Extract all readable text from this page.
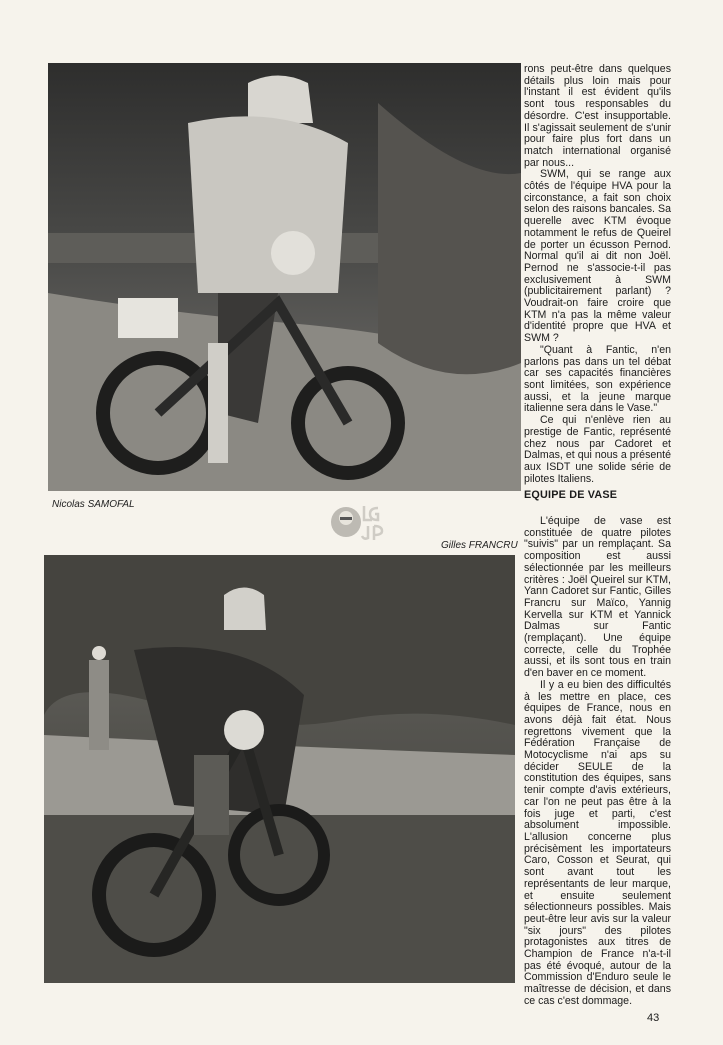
Nicolas SAMOFAL
Gilles FRANCRU

rons peut-être dans quelques détails plus loin mais pour l'instant il est évident qu'ils sont tous responsables du désordre. C'est insupportable. Il s'agissait seulement de s'unir pour faire plus fort dans un match international organisé par nous...

SWM, qui se range aux côtés de l'équipe HVA pour la circonstance, a fait son choix selon des raisons bancales. Sa querelle avec KTM évoque notamment le refus de Queirel de porter un écusson Pernod. Normal qu'il ai dit non Joël. Pernod ne s'associe-t-il pas exclusivement à SWM (publicitairement parlant) ? Voudrait-on faire croire que KTM n'a pas la même valeur d'identité propre que HVA et SWM ?

"Quant à Fantic, n'en parlons pas dans un tel débat car ses capacités financières sont limitées, son expérience aussi, et la jeune marque italienne sera dans le Vase."

Ce qui n'enlève rien au prestige de Fantic, représenté chez nous par Cadoret et Dalmas, et qui nous a présenté aux ISDT une solide série de pilotes Italiens.

EQUIPE DE VASE

L'équipe de vase est constituée de quatre pilotes "suivis" par un remplaçant. Sa composition est aussi sélectionnée par les meilleurs critères : Joël Queirel sur KTM, Yann Cadoret sur Fantic, Gilles Francru sur Maïco, Yannig Kervella sur KTM et Yannick Dalmas sur Fantic (remplaçant). Une équipe correcte, celle du Trophée aussi, et ils sont tous en train d'en baver en ce moment.

Il y a eu bien des difficultés à les mettre en place, ces équipes de France, nous en avons déjà fait état. Nous regrettons vivement que la Fédération Française de Motocyclisme n'ai aps su décider SEULE de la constitution des équipes, sans tenir compte d'avis extérieurs, car l'on ne peut pas être à la fois juge et parti, c'est absolument impossible. L'allusion concerne plus précisèment les importateurs Caro, Cosson et Seurat, qui sont avant tout les représentants de leur marque, et ensuite seulement sélectionneurs possibles. Mais peut-être leur avis sur la valeur "six jours" des pilotes protagonistes aux titres de Champion de France n'a-t-il pas été évoqué, autour de la Commission d'Enduro seule le maîtresse de décision, et dans ce cas c'est dommage.

43
